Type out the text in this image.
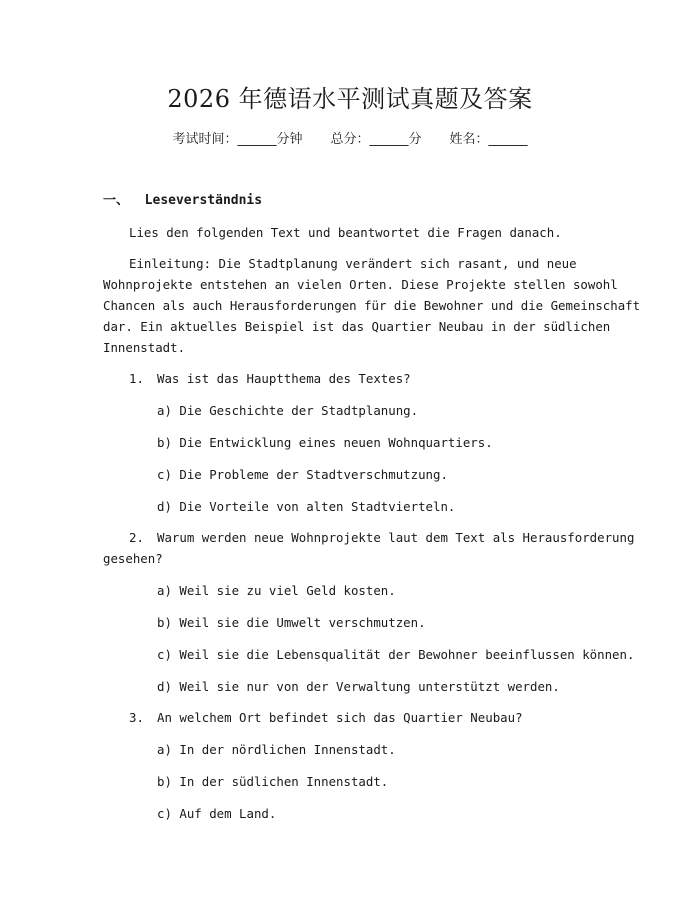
2026 年德语水平测试真题及答案
考试时间：______分钟 总分：______分 姓名：______
一、 Leseverständnis
Lies den folgenden Text und beantwortet die Fragen danach.
Einleitung: Die Stadtplanung verändert sich rasant, und neue
Wohnprojekte entstehen an vielen Orten. Diese Projekte stellen sowohl
Chancen als auch Herausforderungen für die Bewohner und die Gemeinschaft
dar. Ein aktuelles Beispiel ist das Quartier Neubau in der südlichen
Innenstadt.
1. Was ist das Hauptthema des Textes?
a) Die Geschichte der Stadtplanung.
b) Die Entwicklung eines neuen Wohnquartiers.
c) Die Probleme der Stadtverschmutzung.
d) Die Vorteile von alten Stadtvierteln.
2. Warum werden neue Wohnprojekte laut dem Text als Herausforderung
gesehen?
a) Weil sie zu viel Geld kosten.
b) Weil sie die Umwelt verschmutzen.
c) Weil sie die Lebensqualität der Bewohner beeinflussen können.
d) Weil sie nur von der Verwaltung unterstützt werden.
3. An welchem Ort befindet sich das Quartier Neubau?
a) In der nördlichen Innenstadt.
b) In der südlichen Innenstadt.
c) Auf dem Land.
